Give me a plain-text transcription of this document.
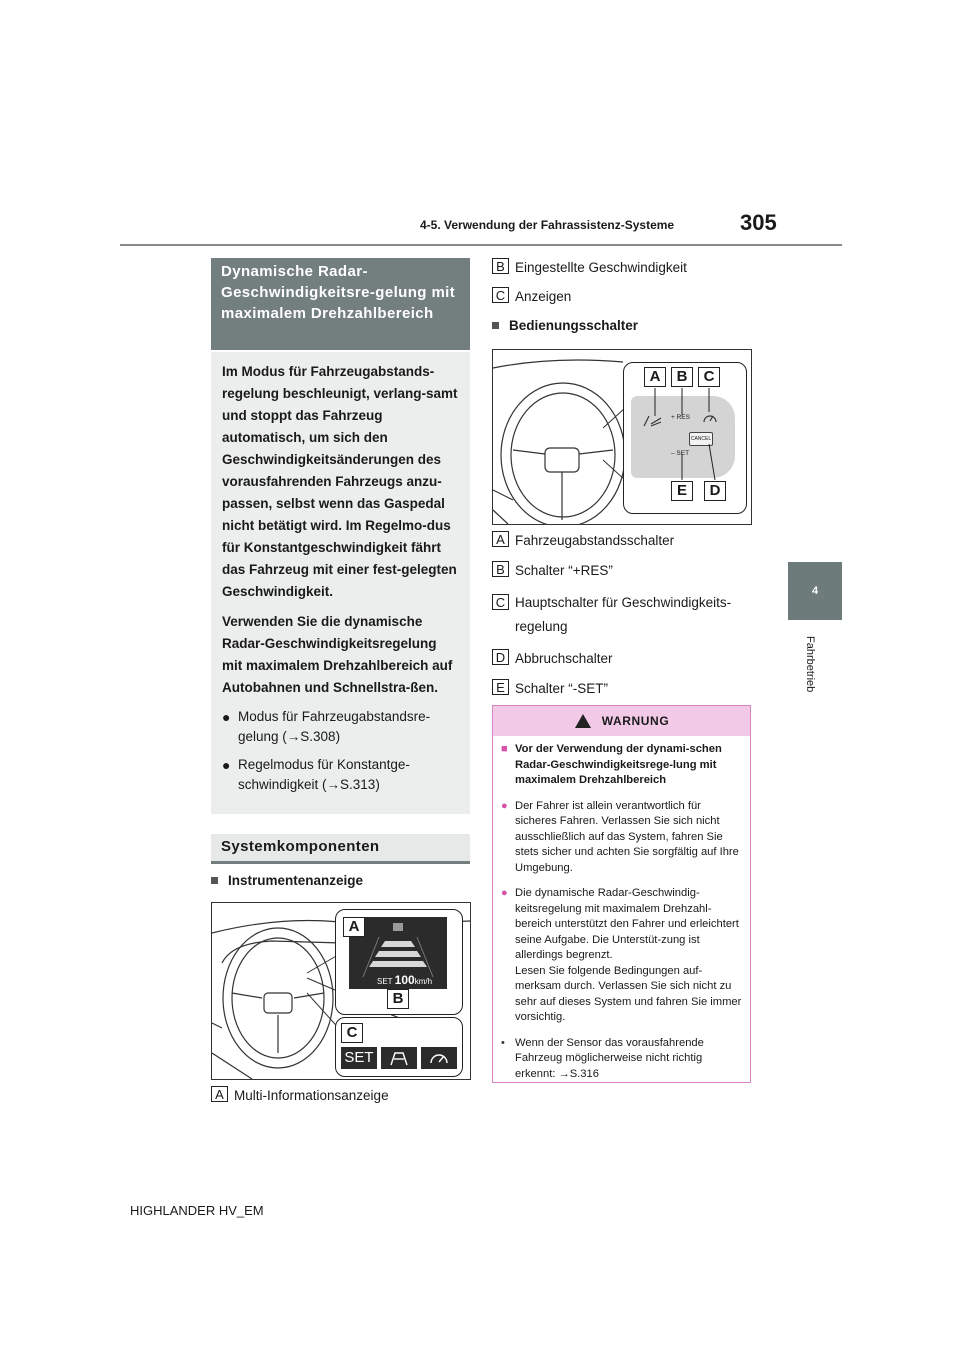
4-5. Verwendung der Fahrassistenz-Systeme	305
4
Fahrbetrieb
Dynamische Radar-Geschwindigkeitsre-gelung mit maximalem Drehzahlbereich

Im Modus für Fahrzeugabstands-regelung beschleunigt, verlang-samt und stoppt das Fahrzeug automatisch, um sich den Geschwindigkeitsänderungen des vorausfahrenden Fahrzeugs anzu-passen, selbst wenn das Gaspedal nicht betätigt wird. Im Regelmo-dus für Konstantgeschwindigkeit fährt das Fahrzeug mit einer fest-gelegten Geschwindigkeit.

Verwenden Sie die dynamische Radar-Geschwindigkeitsregelung mit maximalem Drehzahlbereich auf Autobahnen und Schnellstra-ßen.

● Modus für Fahrzeugabstandsre-gelung (→S.308)
● Regelmodus für Konstantge-schwindigkeit (→S.313)
Systemkomponenten
Instrumentenanzeige
SET 100km/h
A
B
C
SET
A Multi-Informationsanzeige
B Eingestellte Geschwindigkeit
C Anzeigen
Bedienungsschalter
+ RES
– SET
CANCEL
A	B	C
D
E
A Fahrzeugabstandsschalter
B Schalter “+RES”
C Hauptschalter für Geschwindigkeits-regelung
D Abbruchschalter
E Schalter “-SET”
WARNUNG
■ Vor der Verwendung der dynami-schen Radar-Geschwindigkeitsrege-lung mit maximalem Drehzahlbereich
● Der Fahrer ist allein verantwortlich für sicheres Fahren. Verlassen Sie sich nicht ausschließlich auf das System, fahren Sie stets sicher und achten Sie sorgfältig auf Ihre Umgebung.
● Die dynamische Radar-Geschwindig-keitsregelung mit maximalem Drehzahl-bereich unterstützt den Fahrer und erleichtert seine Aufgabe. Die Unterstüt-zung ist allerdings begrenzt.
Lesen Sie folgende Bedingungen auf-merksam durch. Verlassen Sie sich nicht zu sehr auf dieses System und fahren Sie immer vorsichtig.
• Wenn der Sensor das vorausfahrende Fahrzeug möglicherweise nicht richtig erkennt: →S.316
HIGHLANDER HV_EM
